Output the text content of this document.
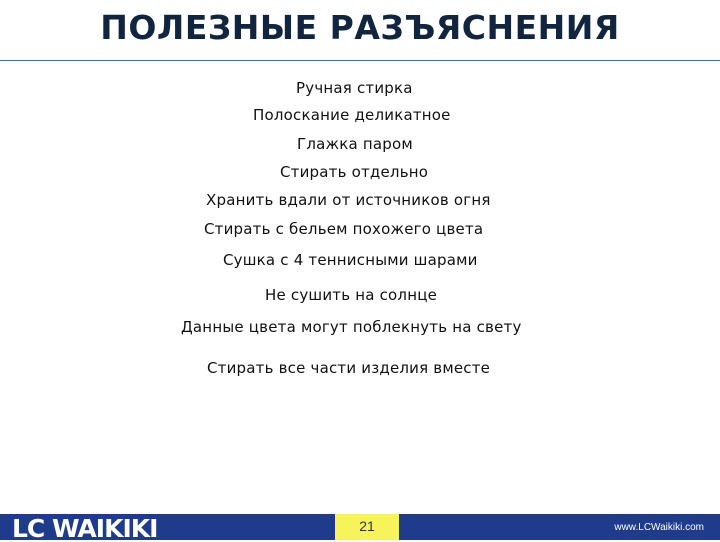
ПОЛЕЗНЫЕ РАЗЪЯСНЕНИЯ
Ручная стирка
Полоскание деликатное
Глажка паром
Стирать отдельно
Хранить вдали от источников огня
Стирать с бельем похожего цвета
Сушка с 4 теннисными шарами
Не сушить на солнце
Данные цвета могут поблекнуть на свету
Стирать все части изделия вместе
LC WAIKIKI	21	www.LCWaikiki.com
